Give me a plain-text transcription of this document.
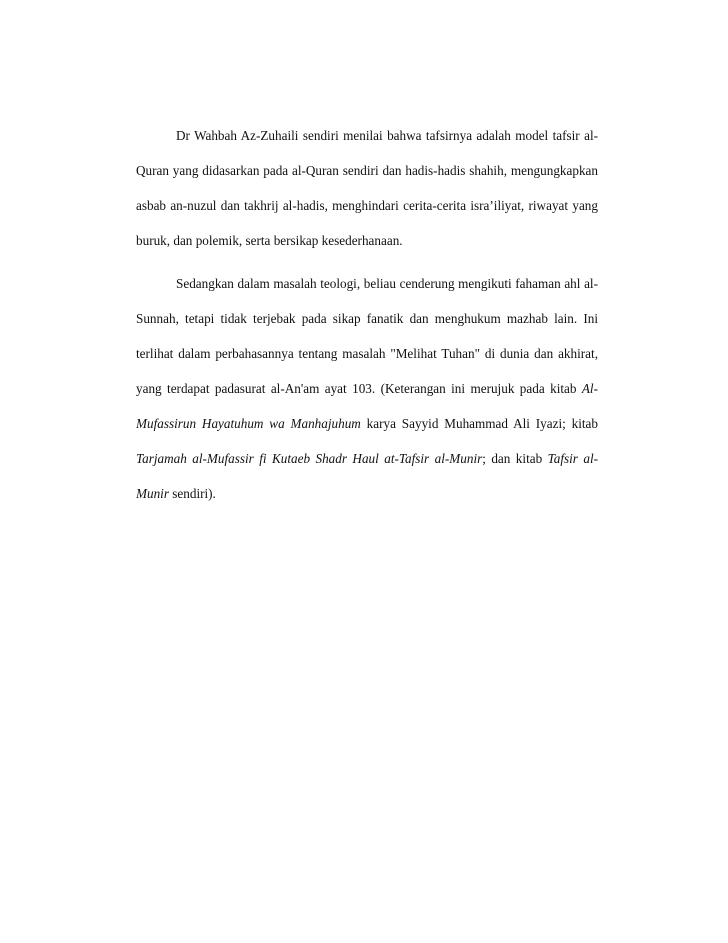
Dr Wahbah Az-Zuhaili sendiri menilai bahwa tafsirnya adalah model tafsir al-Quran yang didasarkan pada al-Quran sendiri dan hadis-hadis shahih, mengungkapkan asbab an-nuzul dan takhrij al-hadis, menghindari cerita-cerita isra’iliyat, riwayat yang buruk, dan polemik, serta bersikap kesederhanaan.

Sedangkan dalam masalah teologi, beliau cenderung mengikuti fahaman ahl al-Sunnah, tetapi tidak terjebak pada sikap fanatik dan menghukum mazhab lain. Ini terlihat dalam perbahasannya tentang masalah "Melihat Tuhan" di dunia dan akhirat, yang terdapat padasurat al-An'am ayat 103. (Keterangan ini merujuk pada kitab Al-Mufassirun Hayatuhum wa Manhajuhum karya Sayyid Muhammad Ali Iyazi; kitab Tarjamah al-Mufassir fi Kutaeb Shadr Haul at-Tafsir al-Munir; dan kitab Tafsir al-Munir sendiri).
